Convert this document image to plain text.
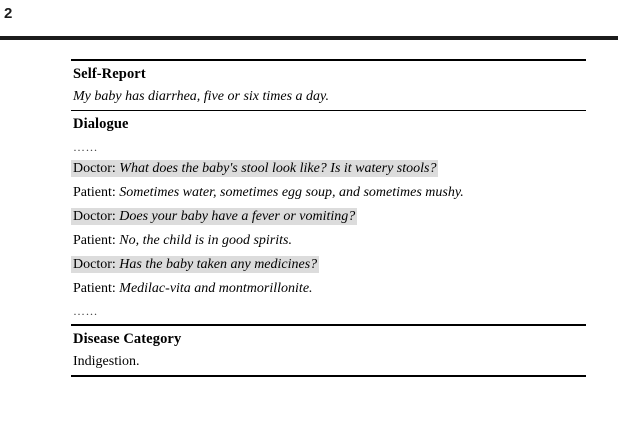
2
Self-Report
My baby has diarrhea, five or six times a day.
Dialogue
……
Doctor: What does the baby's stool look like? Is it watery stools?
Patient: Sometimes water, sometimes egg soup, and sometimes mushy.
Doctor: Does your baby have a fever or vomiting?
Patient: No, the child is in good spirits.
Doctor: Has the baby taken any medicines?
Patient: Medilac-vita and montmorillonite.
……
Disease Category
Indigestion.
